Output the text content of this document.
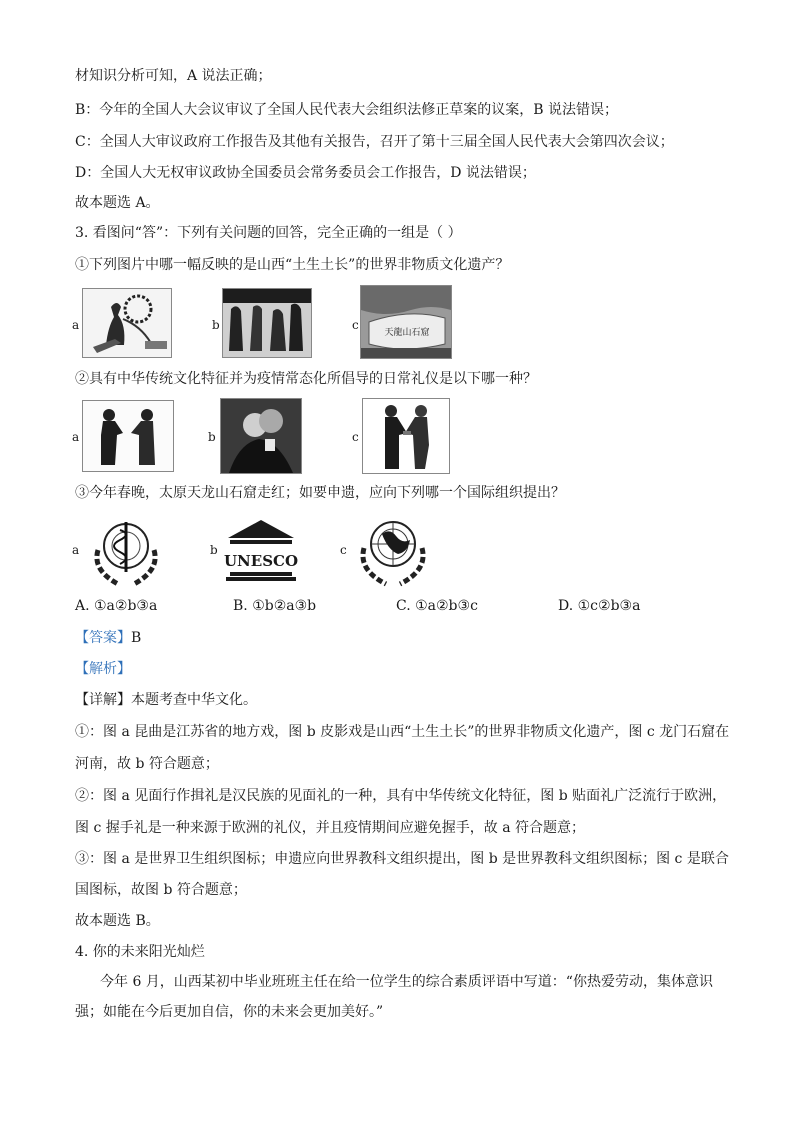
材知识分析可知，A 说法正确；
B：今年的全国人大会议审议了全国人民代表大会组织法修正草案的议案，B 说法错误；
C：全国人大审议政府工作报告及其他有关报告，召开了第十三届全国人民代表大会第四次会议；
D：全国人大无权审议政协全国委员会常务委员会工作报告，D 说法错误；
故本题选 A。
3. 看图问“答”：下列有关问题的回答，完全正确的一组是（ ）
①下列图片中哪一幅反映的是山西“土生土长”的世界非物质文化遗产？
a	b	c
天龍山石窟
②具有中华传统文化特征并为疫情常态化所倡导的日常礼仪是以下哪一种？
a	b	c
③今年春晚，太原天龙山石窟走红；如要申遗，应向下列哪一个国际组织提出？
a	b
UNESCO
c
A. ①a②b③a	B. ①b②a③b	C. ①a②b③c	D. ①c②b③a
【答案】B
【解析】
【详解】本题考查中华文化。
①：图 a 昆曲是江苏省的地方戏，图 b 皮影戏是山西“土生土长”的世界非物质文化遗产，图 c 龙门石窟在
河南，故 b 符合题意；
②：图 a 见面行作揖礼是汉民族的见面礼的一种，具有中华传统文化特征，图 b 贴面礼广泛流行于欧洲，
图 c 握手礼是一种来源于欧洲的礼仪，并且疫情期间应避免握手，故 a 符合题意；
③：图 a 是世界卫生组织图标；申遗应向世界教科文组织提出，图 b 是世界教科文组织图标；图 c 是联合
国图标，故图 b 符合题意；
故本题选 B。
4. 你的未来阳光灿烂
今年 6 月，山西某初中毕业班班主任在给一位学生的综合素质评语中写道：“你热爱劳动，集体意识
强；如能在今后更加自信，你的未来会更加美好。”
